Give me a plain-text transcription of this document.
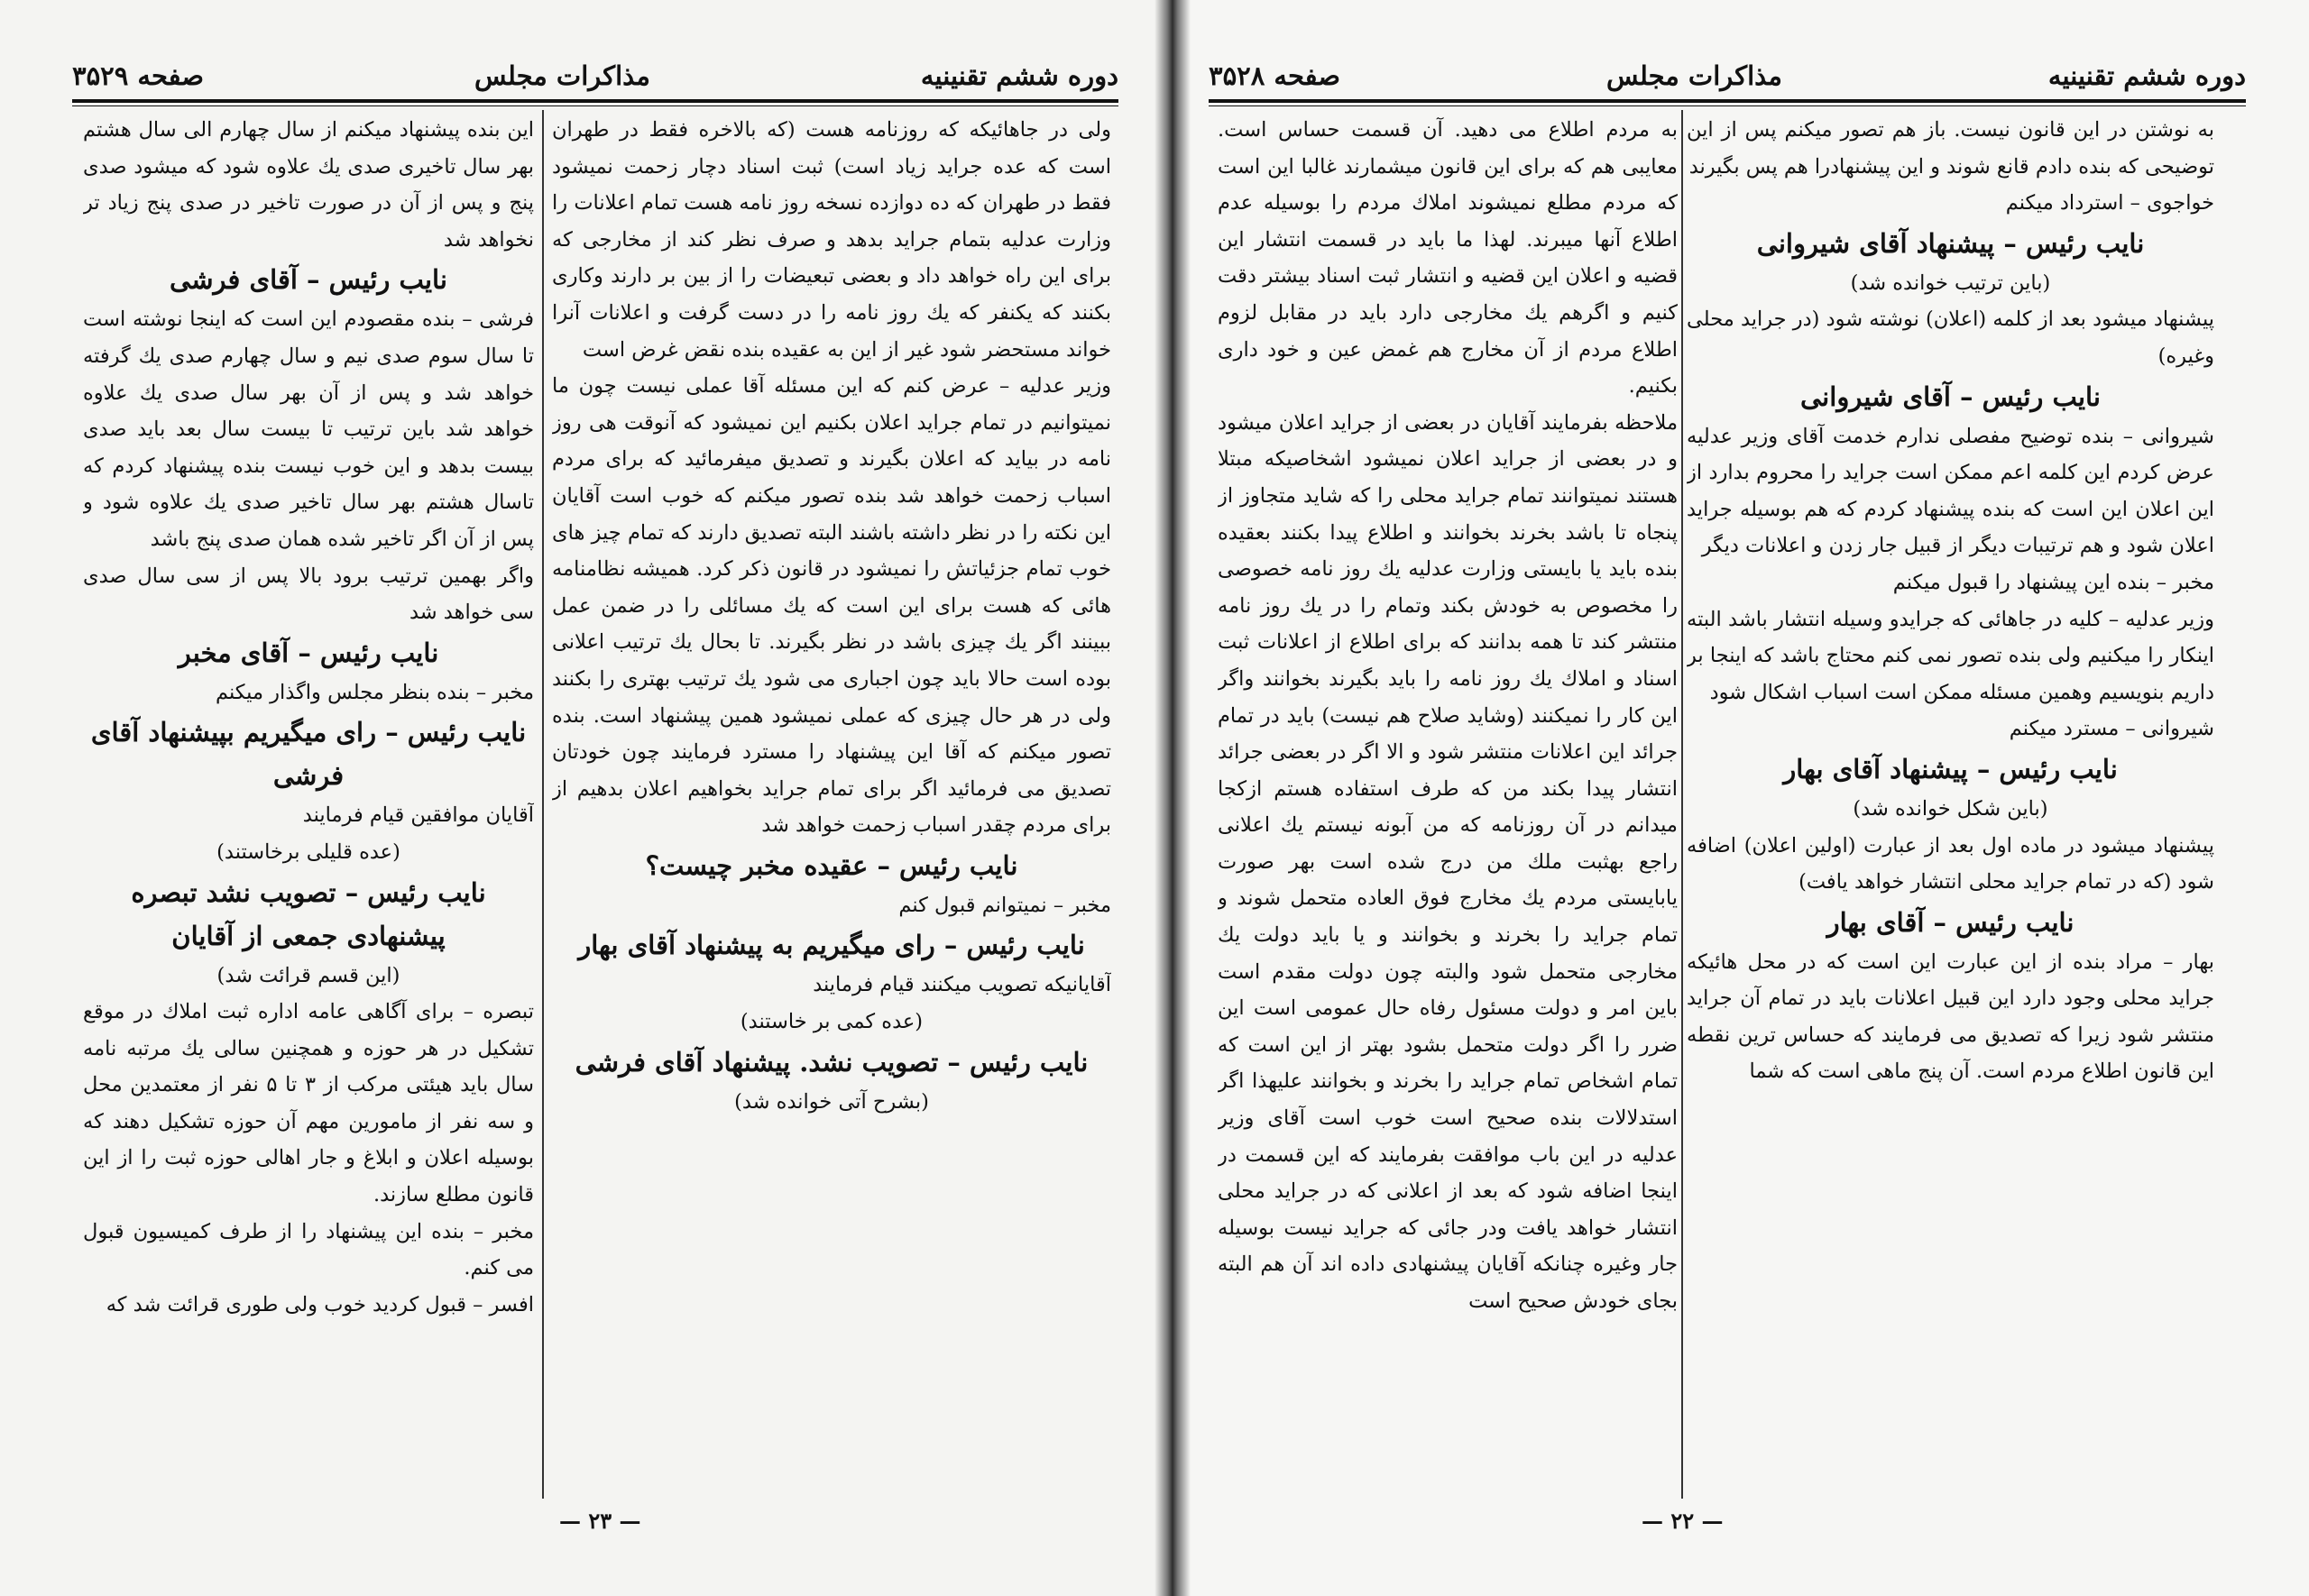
دوره ششم تقنینیه
مذاکرات مجلس
صفحه ۳۵۲۹

ولی در جاهائیکه که روزنامه هست (که بالاخره فقط در طهران است که عده جراید زیاد است) ثبت اسناد دچار زحمت نمیشود فقط در طهران که ده دوازده نسخه روز نامه هست تمام اعلانات را وزارت عدلیه بتمام جراید بدهد و صرف نظر کند از مخارجی که برای این راه خواهد داد و بعضی تبعیضات را از بین بر دارند وکاری بکنند که یکنفر که یك روز نامه را در دست گرفت و اعلانات آنرا خواند مستحضر شود غیر از این به عقیده بنده نقض غرض است

وزیر عدلیه – عرض کنم که این مسئله آقا عملی نیست چون ما نمیتوانیم در تمام جراید اعلان بکنیم این نمیشود که آنوقت هی روز نامه در بیاید که اعلان بگیرند و تصدیق میفرمائید که برای مردم اسباب زحمت خواهد شد بنده تصور میکنم که خوب است آقایان این نکته را در نظر داشته باشند البته تصدیق دارند که تمام چیز های خوب تمام جزئیاتش را نمیشود در قانون ذکر کرد. همیشه نظامنامه هائی که هست برای این است که یك مسائلی را در ضمن عمل ببینند اگر یك چیزی باشد در نظر بگیرند. تا بحال یك ترتیب اعلانی بوده است حالا باید چون اجباری می شود یك ترتیب بهتری را بکنند ولی در هر حال چیزی که عملی نمیشود همین پیشنهاد است. بنده تصور میکنم که آقا این پیشنهاد را مسترد فرمایند چون خودتان تصدیق می فرمائید اگر برای تمام جراید بخواهیم اعلان بدهیم از برای مردم چقدر اسباب زحمت خواهد شد

نایب رئیس – عقیده مخبر چیست؟

مخبر – نمیتوانم قبول کنم

نایب رئیس – رای میگیریم به پیشنهاد آقای بهار

آقایانیکه تصویب میکنند قیام فرمایند

(عده کمی بر خاستند)

نایب رئیس – تصویب نشد. پیشنهاد آقای فرشی

(بشرح آتی خوانده شد)

این بنده پیشنهاد میکنم از سال چهارم الی سال هشتم بهر سال تاخیری صدی یك علاوه شود که میشود صدی پنج و پس از آن در صورت تاخیر در صدی پنج زیاد تر نخواهد شد

نایب رئیس – آقای فرشی

فرشی – بنده مقصودم این است که اینجا نوشته است تا سال سوم صدی نیم و سال چهارم صدی یك گرفته خواهد شد و پس از آن بهر سال صدی یك علاوه خواهد شد باین ترتیب تا بیست سال بعد باید صدی بیست بدهد و این خوب نیست بنده پیشنهاد کردم که تاسال هشتم بهر سال تاخیر صدی یك علاوه شود و پس از آن اگر تاخیر شده همان صدی پنج باشد

واگر بهمین ترتیب برود بالا پس از سی سال صدی سی خواهد شد

نایب رئیس – آقای مخبر

مخبر – بنده بنظر مجلس واگذار میکنم

نایب رئیس – رای میگیریم بپیشنهاد آقای فرشی

آقایان موافقین قیام فرمایند

(عده قلیلی برخاستند)

نایب رئیس – تصویب نشد تبصره پیشنهادی جمعی از آقایان

(این قسم قرائت شد)

تبصره – برای آگاهی عامه اداره ثبت املاك در موقع تشکیل در هر حوزه و همچنین سالی یك مرتبه نامه سال باید هیئتی مرکب از ۳ تا ۵ نفر از معتمدین محل و سه نفر از مامورین مهم آن حوزه تشکیل دهند که بوسیله اعلان و ابلاغ و جار اهالی حوزه ثبت را از این قانون مطلع سازند.

مخبر – بنده این پیشنهاد را از طرف کمیسیون قبول می کنم.

افسر – قبول کردید خوب ولی طوری قرائت شد که

— ۲۳ —
دوره ششم تقنینیه
مذاکرات مجلس
صفحه ۳۵۲۸

به نوشتن در این قانون نیست. باز هم تصور میکنم پس از این توضیحی که بنده دادم قانع شوند و این پیشنهادرا هم پس بگیرند

خواجوی – استرداد میکنم

نایب رئیس – پیشنهاد آقای شیروانی

(باین ترتیب خوانده شد)

پیشنهاد میشود بعد از کلمه (اعلان) نوشته شود (در جراید محلی وغیره)

نایب رئیس – آقای شیروانی

شیروانی – بنده توضیح مفصلی ندارم خدمت آقای وزیر عدلیه عرض کردم این کلمه اعم ممکن است جراید را محروم بدارد از این اعلان این است که بنده پیشنهاد کردم که هم بوسیله جراید اعلان شود و هم ترتیبات دیگر از قبیل جار زدن و اعلانات دیگر

مخبر – بنده این پیشنهاد را قبول میکنم

وزیر عدلیه – کلیه در جاهائی که جرایدو وسیله انتشار باشد البته اینکار را میکنیم ولی بنده تصور نمی کنم محتاج باشد که اینجا بر داریم بنویسیم وهمین مسئله ممکن است اسباب اشکال شود

شیروانی – مسترد میکنم

نایب رئیس – پیشنهاد آقای بهار

(باین شکل خوانده شد)

پیشنهاد میشود در ماده اول بعد از عبارت (اولین اعلان) اضافه شود (که در تمام جراید محلی انتشار خواهد یافت)

نایب رئیس – آقای بهار

بهار – مراد بنده از این عبارت این است که در محل هائیکه جراید محلی وجود دارد این قبیل اعلانات باید در تمام آن جراید منتشر شود زیرا که تصدیق می فرمایند که حساس ترین نقطه این قانون اطلاع مردم است. آن پنج ماهی است که شما

به مردم اطلاع می دهید. آن قسمت حساس است. معایبی هم که برای این قانون میشمارند غالبا این است که مردم مطلع نمیشوند املاك مردم را بوسیله عدم اطلاع آنها میبرند. لهذا ما باید در قسمت انتشار این قضیه و اعلان این قضیه و انتشار ثبت اسناد بیشتر دقت کنیم و اگرهم یك مخارجی دارد باید در مقابل لزوم اطلاع مردم از آن مخارج هم غمض عین و خود داری بکنیم.

ملاحظه بفرمایند آقایان در بعضی از جراید اعلان میشود و در بعضی از جراید اعلان نمیشود اشخاصیکه مبتلا هستند نمیتوانند تمام جراید محلی را که شاید متجاوز از پنجاه تا باشد بخرند بخوانند و اطلاع پیدا بکنند بعقیده بنده باید یا بایستی وزارت عدلیه یك روز نامه خصوصی را مخصوص به خودش بکند وتمام را در یك روز نامه منتشر کند تا همه بدانند که برای اطلاع از اعلانات ثبت اسناد و املاك یك روز نامه را باید بگیرند بخوانند واگر این کار را نمیکنند (وشاید صلاح هم نیست) باید در تمام جرائد این اعلانات منتشر شود و الا اگر در بعضی جرائد انتشار پیدا بکند من که طرف استفاده هستم ازکجا میدانم در آن روزنامه که من آبونه نیستم یك اعلانی راجع بهثبت ملك من درج شده است بهر صورت یابایستی مردم یك مخارج فوق العاده متحمل شوند و تمام جراید را بخرند و بخوانند و یا باید دولت یك مخارجی متحمل شود والبته چون دولت مقدم است باین امر و دولت مسئول رفاه حال عمومی است این ضرر را اگر دولت متحمل بشود بهتر از این است که تمام اشخاص تمام جراید را بخرند و بخوانند علیهذا اگر استدلالات بنده صحیح است خوب است آقای وزیر عدلیه در این باب موافقت بفرمایند که این قسمت در اینجا اضافه شود که بعد از اعلانی که در جراید محلی انتشار خواهد یافت ودر جائی که جراید نیست بوسیله جار وغیره چنانکه آقایان پیشنهادی داده اند آن هم البته بجای خودش صحیح است

— ۲۲ —
